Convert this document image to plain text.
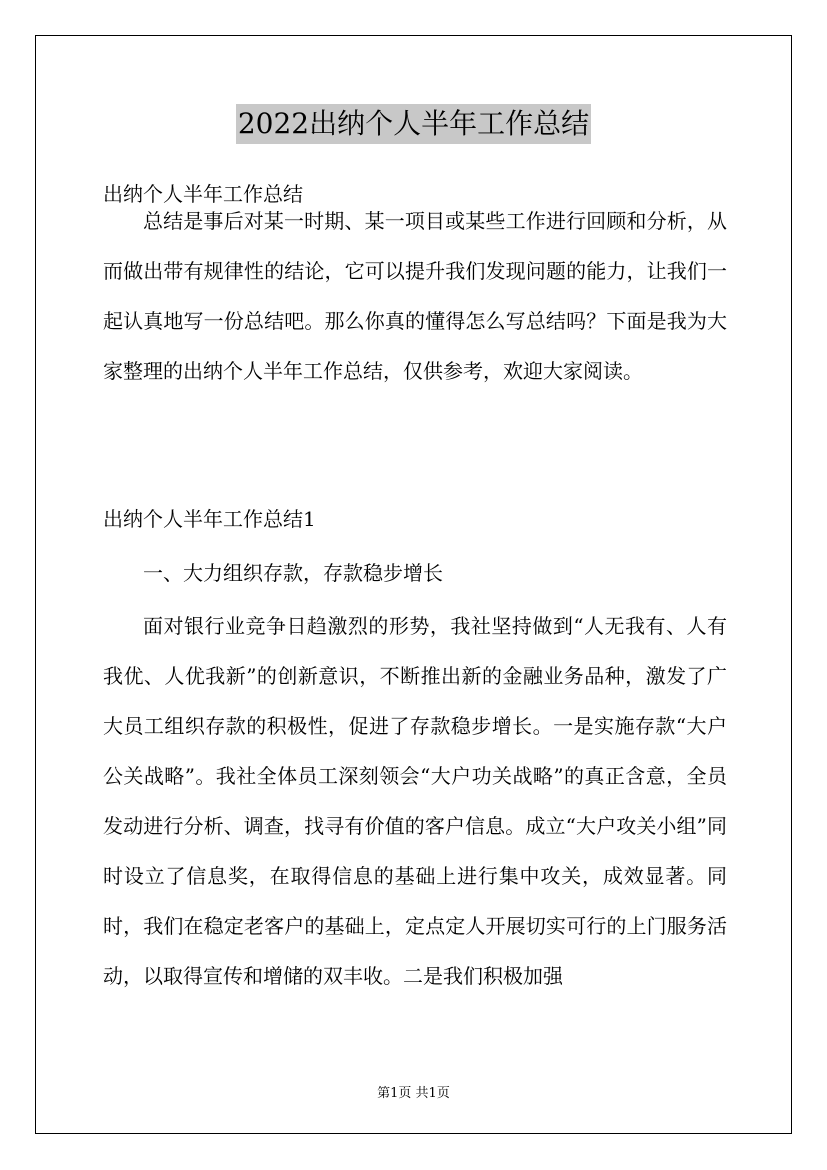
2022出纳个人半年工作总结
出纳个人半年工作总结

总结是事后对某一时期、某一项目或某些工作进行回顾和分析，从而做出带有规律性的结论，它可以提升我们发现问题的能力，让我们一起认真地写一份总结吧。那么你真的懂得怎么写总结吗？下面是我为大家整理的出纳个人半年工作总结，仅供参考，欢迎大家阅读。

出纳个人半年工作总结1
一、大力组织存款，存款稳步增长

面对银行业竞争日趋激烈的形势，我社坚持做到“人无我有、人有我优、人优我新”的创新意识，不断推出新的金融业务品种，激发了广大员工组织存款的积极性，促进了存款稳步增长。一是实施存款“大户公关战略”。我社全体员工深刻领会“大户功关战略”的真正含意，全员发动进行分析、调查，找寻有价值的客户信息。成立“大户攻关小组”同时设立了信息奖，在取得信息的基础上进行集中攻关，成效显著。同时，我们在稳定老客户的基础上，定点定人开展切实可行的上门服务活动，以取得宣传和增储的双丰收。二是我们积极加强

第1页 共1页
